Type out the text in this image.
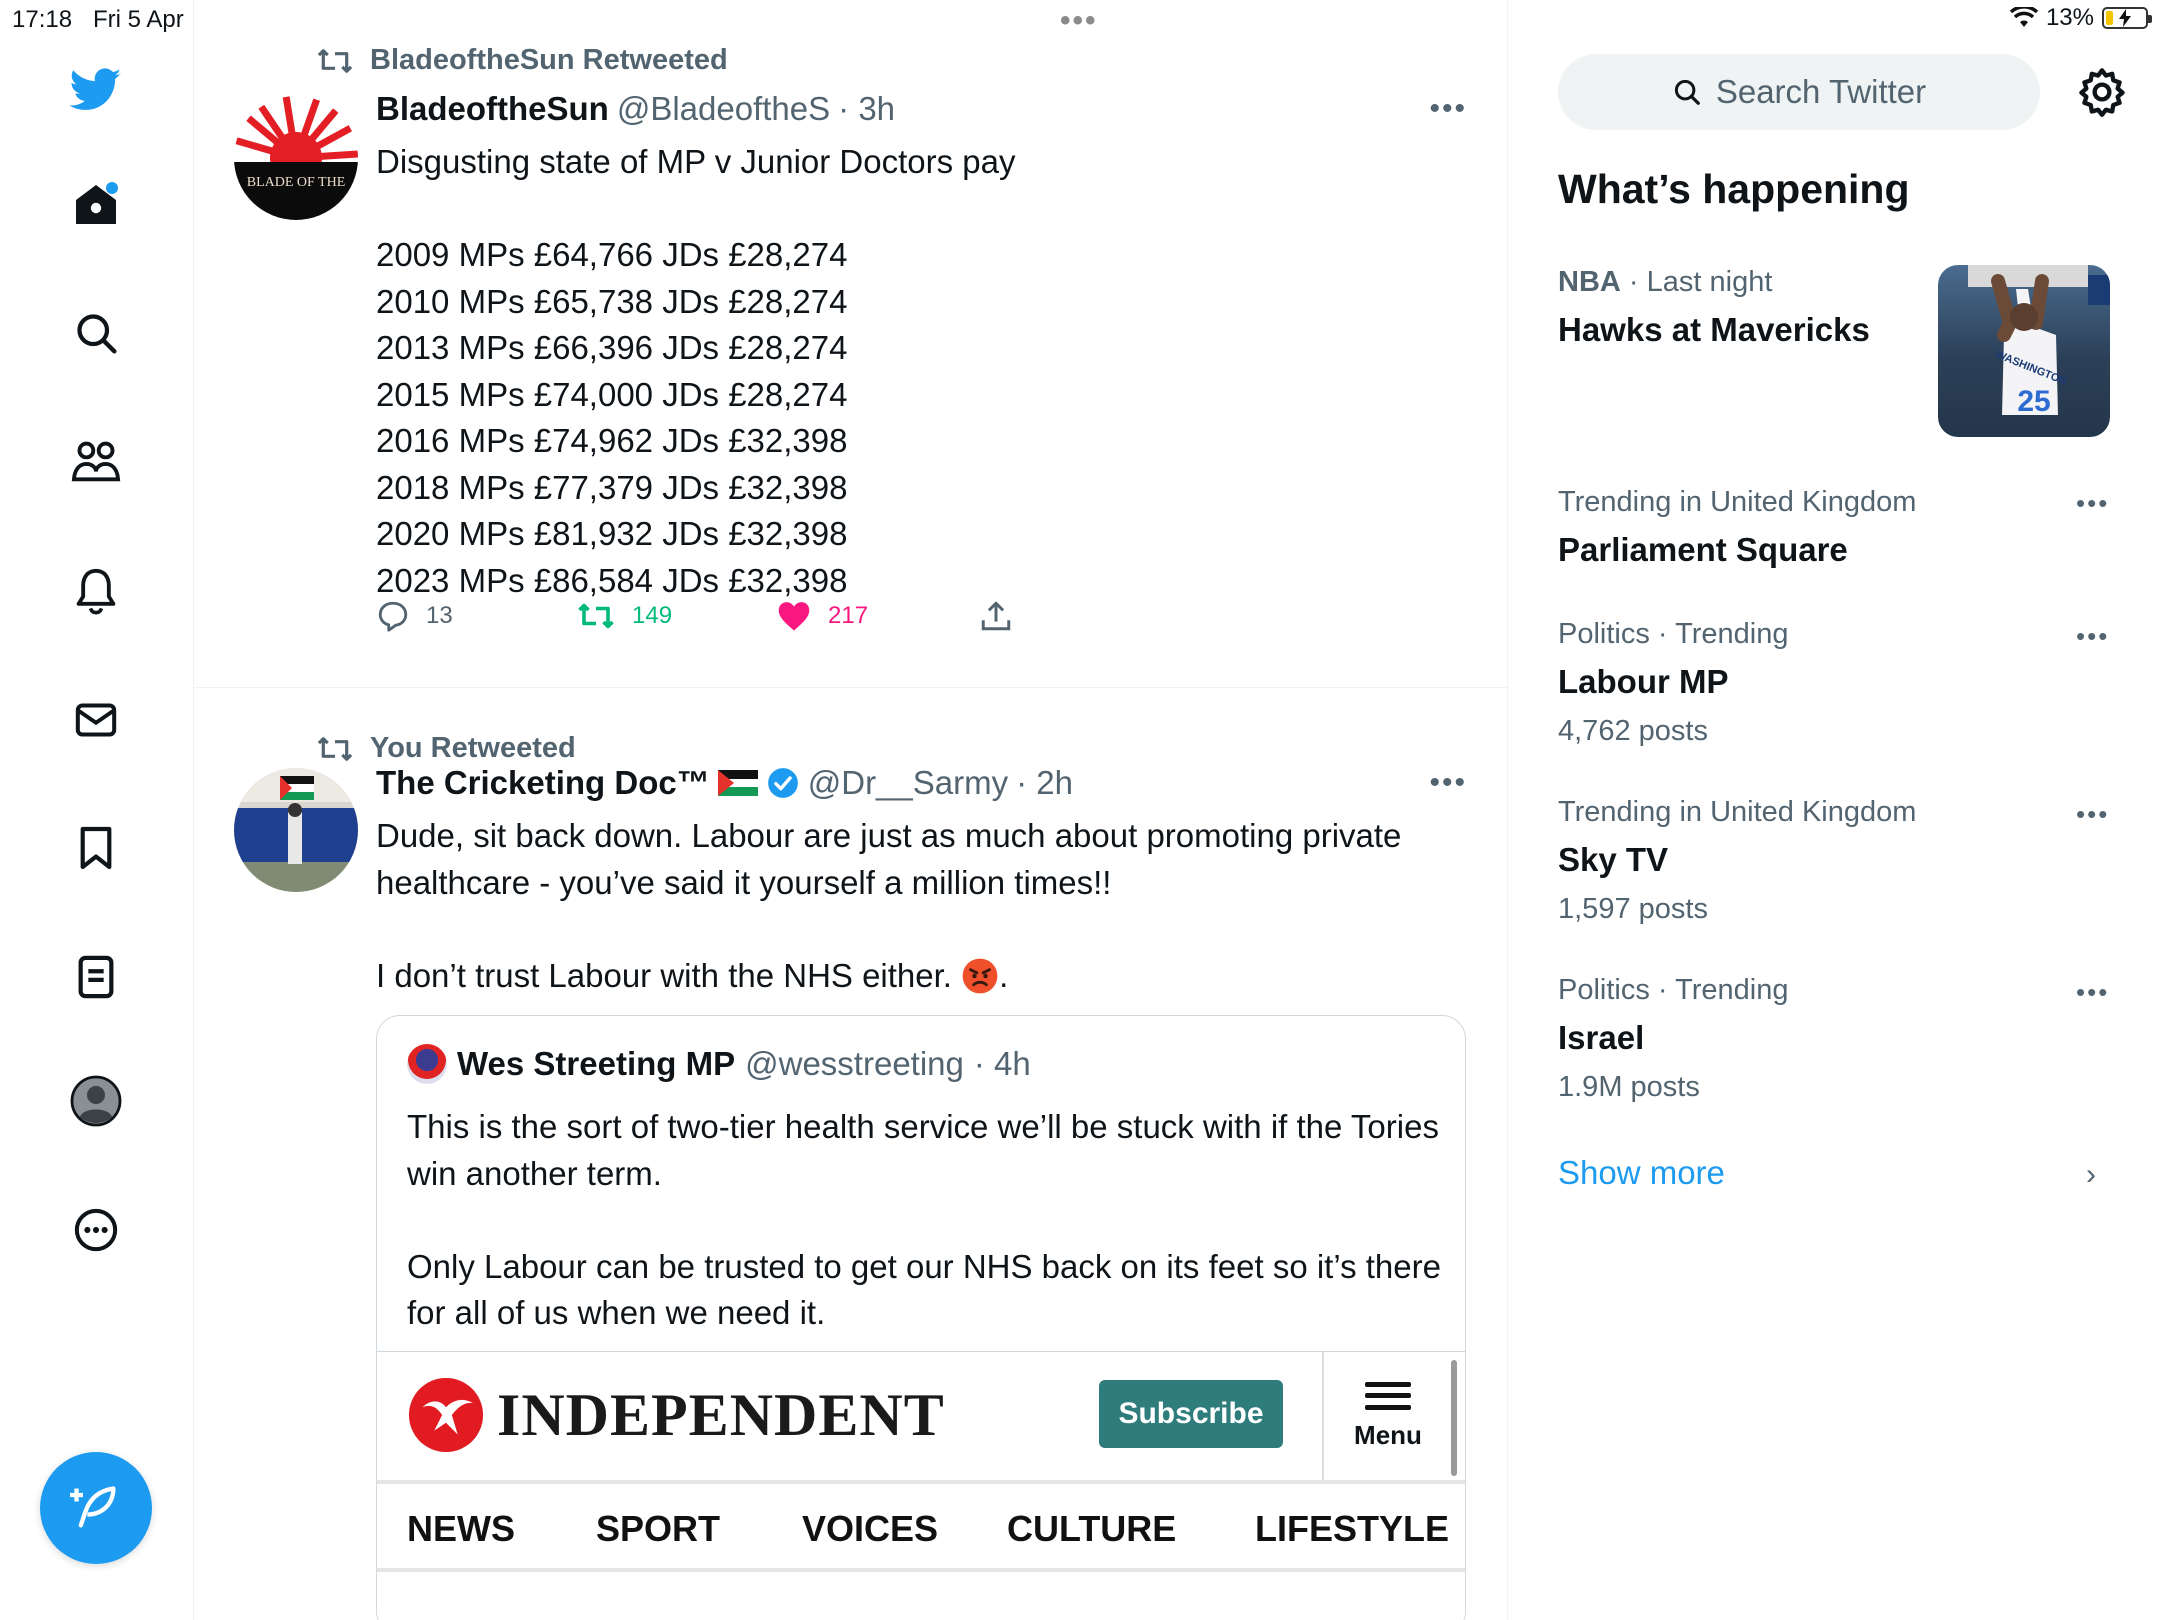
17:18 Fri 5 Apr	•••	13%
BladeoftheSun Retweeted
BLADE OF THE
BladeoftheSun @BladeoftheS · 3h	•••
Disgusting state of MP v Junior Doctors pay

2009 MPs £64,766 JDs £28,274
2010 MPs £65,738 JDs £28,274
2013 MPs £66,396 JDs £28,274
2015 MPs £74,000 JDs £28,274
2016 MPs £74,962 JDs £32,398
2018 MPs £77,379 JDs £32,398
2020 MPs £81,932 JDs £32,398
2023 MPs £86,584 JDs £32,398
13	149	217
You Retweeted
The Cricketing Doc™	@Dr__Sarmy · 2h	•••
Dude, sit back down. Labour are just as much about promoting private healthcare - you’ve said it yourself a million times!!

I don’t trust Labour with the NHS either. .
Wes Streeting MP @wesstreeting · 4h
This is the sort of two-tier health service we’ll be stuck with if the Tories win another term.

Only Labour can be trusted to get our NHS back on its feet so it’s there for all of us when we need it.
INDEPENDENT	Subscribe
Menu
NEWS SPORT VOICES CULTURE LIFESTYLE
Search Twitter
What’s happening
NBA · Last night
Hawks at Mavericks
WASHINGTON
25
Trending in United Kingdom
Parliament Square
•••
Politics · Trending
Labour MP
4,762 posts
•••
Trending in United Kingdom
Sky TV
1,597 posts
•••
Politics · Trending
Israel
1.9M posts
•••
Show more	›
